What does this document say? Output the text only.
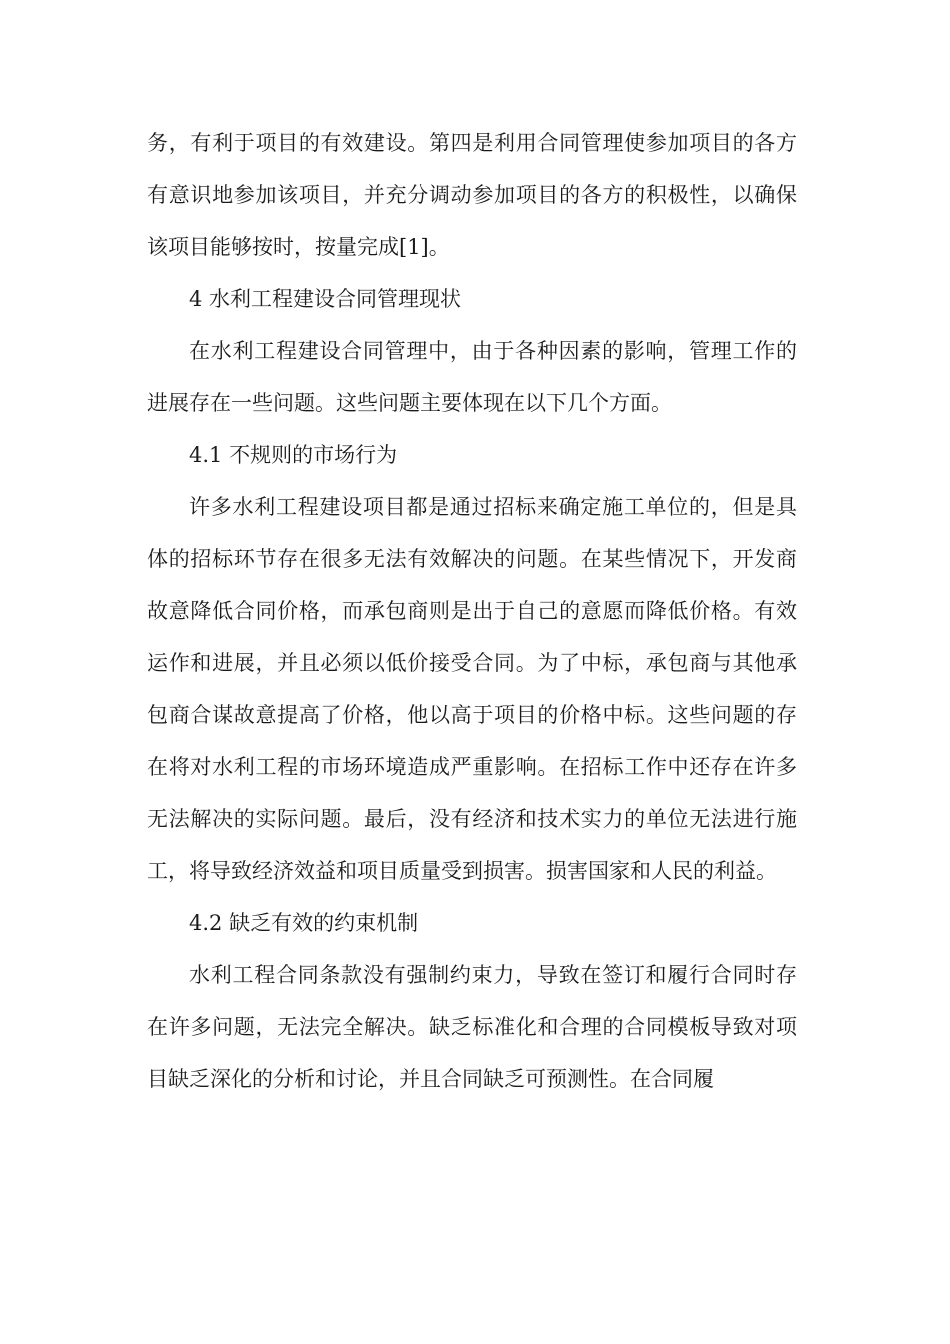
务，有利于项目的有效建设。第四是利用合同管理使参加项目的各方有意识地参加该项目，并充分调动参加项目的各方的积极性，以确保该项目能够按时，按量完成[1]。

4 水利工程建设合同管理现状

在水利工程建设合同管理中，由于各种因素的影响，管理工作的进展存在一些问题。这些问题主要体现在以下几个方面。

4.1 不规则的市场行为

许多水利工程建设项目都是通过招标来确定施工单位的，但是具体的招标环节存在很多无法有效解决的问题。在某些情况下，开发商故意降低合同价格，而承包商则是出于自己的意愿而降低价格。有效运作和进展，并且必须以低价接受合同。为了中标，承包商与其他承包商合谋故意提高了价格，他以高于项目的价格中标。这些问题的存在将对水利工程的市场环境造成严重影响。在招标工作中还存在许多无法解决的实际问题。最后，没有经济和技术实力的单位无法进行施工，将导致经济效益和项目质量受到损害。损害国家和人民的利益。

4.2 缺乏有效的约束机制

水利工程合同条款没有强制约束力，导致在签订和履行合同时存在许多问题，无法完全解决。缺乏标准化和合理的合同模板导致对项目缺乏深化的分析和讨论，并且合同缺乏可预测性。在合同履
